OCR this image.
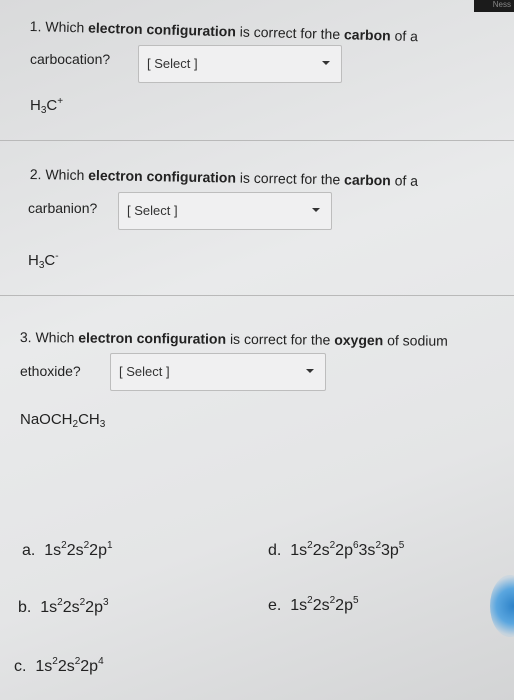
Ness
1. Which electron configuration is correct for the carbon of a
carbocation?	[ Select ]
$H_3C^+$
2. Which electron configuration is correct for the carbon of a
carbanion? [ Select ]
$H_3C^-$
3. Which electron configuration is correct for the oxygen of sodium
ethoxide?	[ Select ]
$NaOCH_2CH_3$
a. $1s^22s^22p^1$	d. $1s^22s^22p^63s^23p^5$
b. $1s^22s^22p^3$	e. $1s^22s^22p^5$
c. $1s^22s^22p^4$
